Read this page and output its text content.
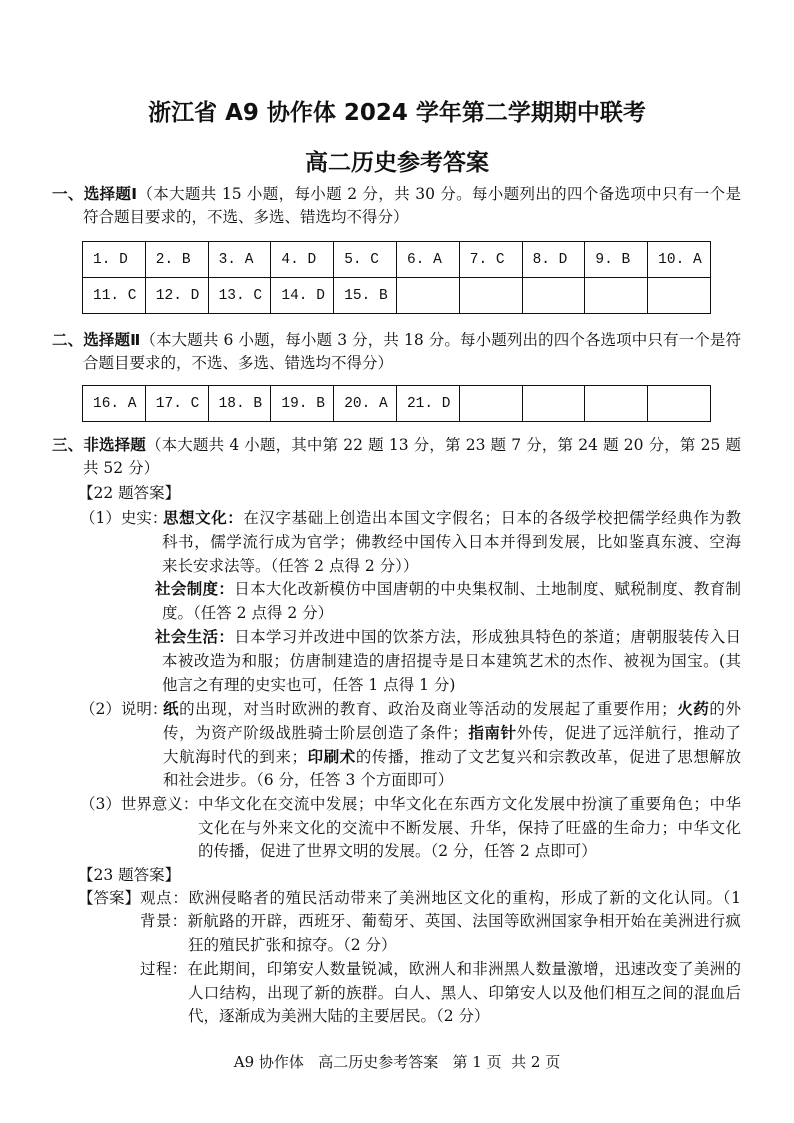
浙江省 A9 协作体 2024 学年第二学期期中联考
高二历史参考答案
一、选择题Ⅰ（本大题共 15 小题，每小题 2 分，共 30 分。每小题列出的四个备选项中只有一个是
符合题目要求的，不选、多选、错选均不得分）
1. D	2. B	3. A	4. D	5. C	6. A	7. C	8. D	9. B	10. A
11. C	12. D	13. C	14. D	15. B					
二、选择题Ⅱ（本大题共 6 小题，每小题 3 分，共 18 分。每小题列出的四个各选项中只有一个是符
合题目要求的，不选、多选、错选均不得分）
16. A	17. C	18. B	19. B	20. A	21. D				
三、非选择题（本大题共 4 小题，其中第 22 题 13 分，第 23 题 7 分，第 24 题 20 分，第 25 题
共 52 分）
【22 题答案】
（1）史实：
思想文化：在汉字基础上创造出本国文字假名；日本的各级学校把儒学经典作为教
科书，儒学流行成为官学；佛教经中国传入日本并得到发展，比如鉴真东渡、空海
来长安求法等。（任答 2 点得 2 分））
社会制度：日本大化改新模仿中国唐朝的中央集权制、土地制度、赋税制度、教育制
度。（任答 2 点得 2 分）
社会生活：日本学习并改进中国的饮茶方法，形成独具特色的茶道；唐朝服装传入日
本被改造为和服；仿唐制建造的唐招提寺是日本建筑艺术的杰作、被视为国宝。(其
他言之有理的史实也可，任答 1 点得 1 分)
（2）说明：
纸的出现，对当时欧洲的教育、政治及商业等活动的发展起了重要作用；火药的外
传，为资产阶级战胜骑士阶层创造了条件；指南针外传，促进了远洋航行，推动了
大航海时代的到来；印刷术的传播，推动了文艺复兴和宗教改革，促进了思想解放
和社会进步。（6 分，任答 3 个方面即可）
（3）世界意义： 中华文化在交流中发展；中华文化在东西方文化发展中扮演了重要角色；中华
文化在与外来文化的交流中不断发展、升华，保持了旺盛的生命力；中华文化
的传播，促进了世界文明的发展。（2 分，任答 2 点即可）
【23 题答案】
【答案】 观点：欧洲侵略者的殖民活动带来了美洲地区文化的重构，形成了新的文化认同。（1
背景：新航路的开辟，西班牙、葡萄牙、英国、法国等欧洲国家争相开始在美洲进行疯
狂的殖民扩张和掠夺。（2 分）
过程：在此期间，印第安人数量锐减，欧洲人和非洲黑人数量激增，迅速改变了美洲的
人口结构，出现了新的族群。白人、黑人、印第安人以及他们相互之间的混血后
代，逐渐成为美洲大陆的主要居民。（2 分）
A9 协作体   高二历史参考答案   第 1 页  共 2 页
